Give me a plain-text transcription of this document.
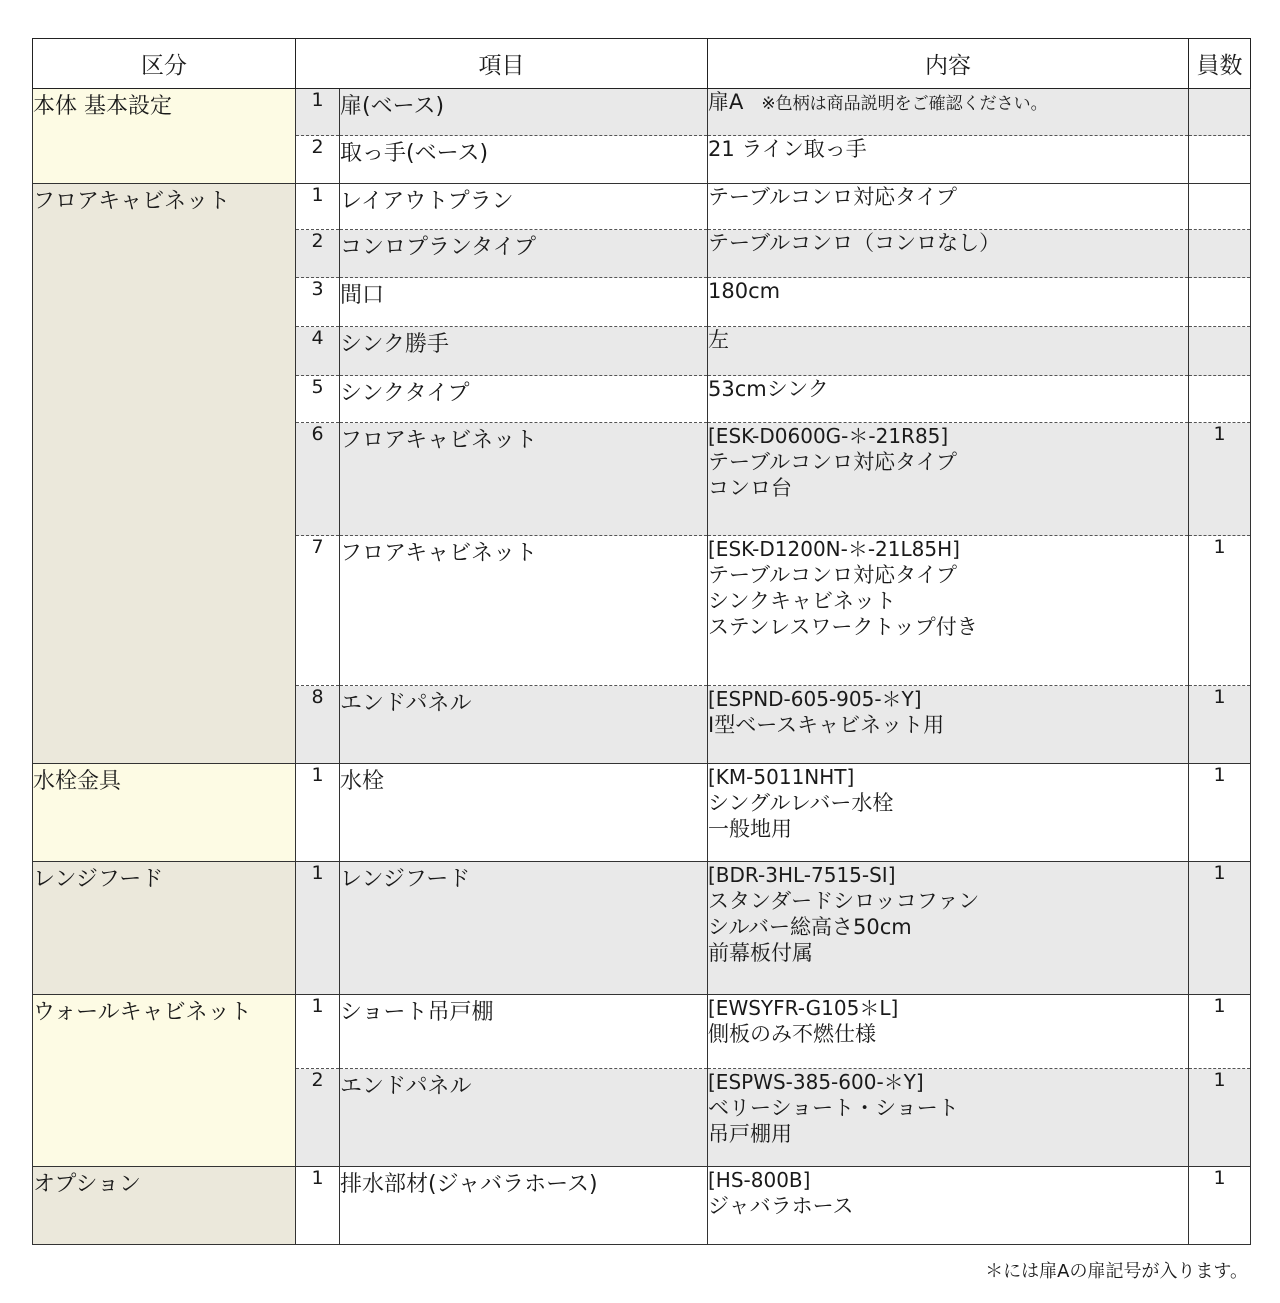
区分	項目		内容	員数
本体 基本設定	1	扉(ベース)	扉A ※色柄は商品説明をご確認ください。	
	2	取っ手(ベース)	21 ライン取っ手	

フロアキャビネット	1	レイアウトプラン	テーブルコンロ対応タイプ	

	2	コンロプランタイプ	テーブルコンロ（コンロなし）	

	3	間口	180cm	

	4	シンク勝手	左	

	5	シンクタイプ	53cmシンク	

	6	フロアキャビネット	[ESK-D0600G-＊-21R85]
テーブルコンロ対応タイプ
コンロ台	1
	7	フロアキャビネット	[ESK-D1200N-＊-21L85H]
テーブルコンロ対応タイプ
シンクキャビネット
ステンレスワークトップ付き	1
	8	エンドパネル	[ESPND-605-905-＊Y]
I型ベースキャビネット用	1
水栓金具	1	水栓	[KM-5011NHT]
シングルレバー水栓
一般地用	1
レンジフード	1	レンジフード	[BDR-3HL-7515-SI]
スタンダードシロッコファン
シルバー総高さ50cm
前幕板付属	1
ウォールキャビネット	1	ショート吊戸棚	[EWSYFR-G105＊L]
側板のみ不燃仕様	1
	2	エンドパネル	[ESPWS-385-600-＊Y]
ベリーショート・ショート
吊戸棚用	1
オプション	1	排水部材(ジャバラホース)	[HS-800B]
ジャバラホース	1
＊には扉Aの扉記号が入ります。
